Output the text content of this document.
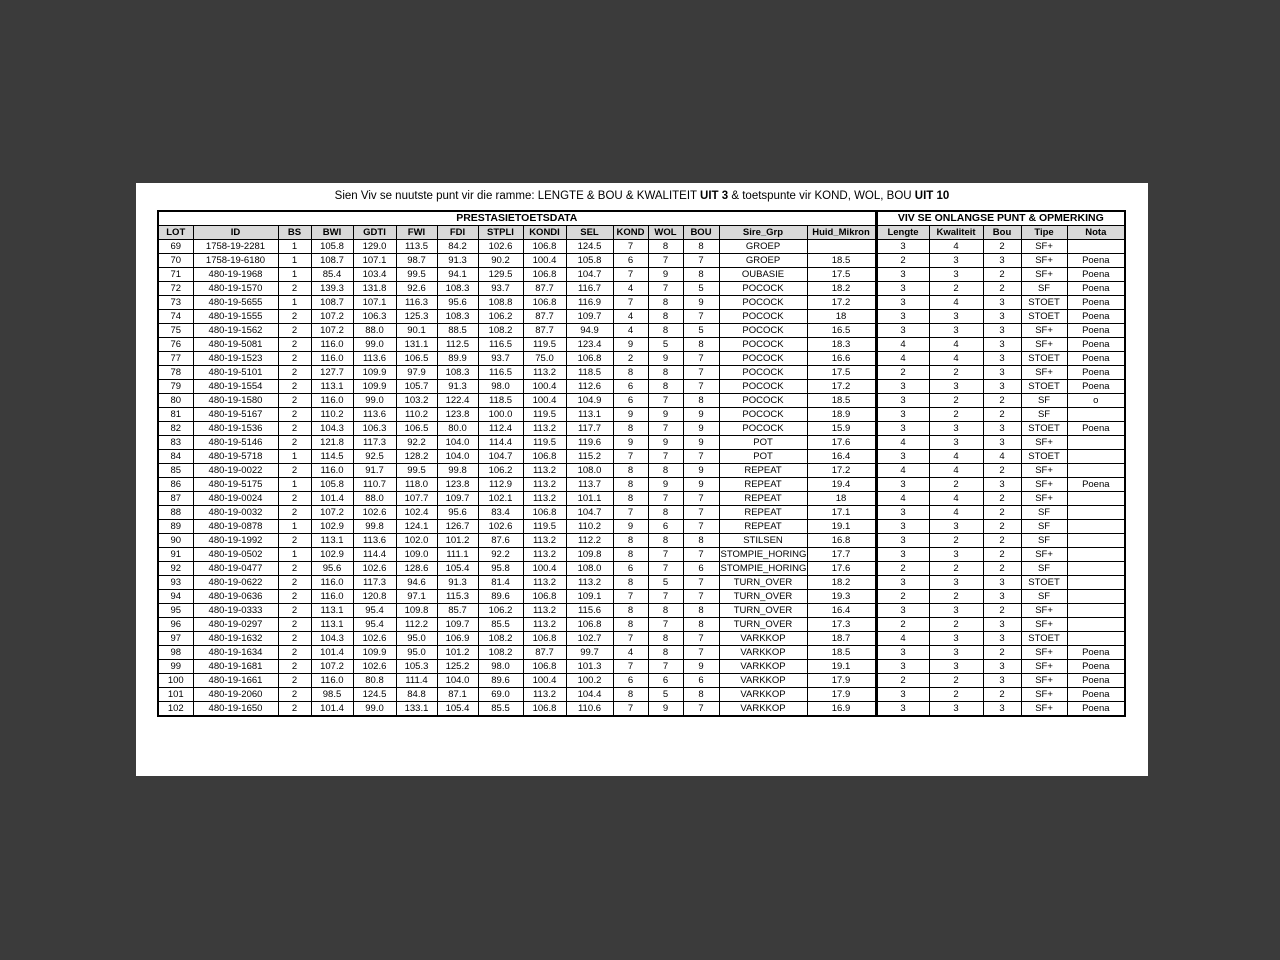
Sien Viv se nuutste punt vir die ramme: LENGTE & BOU & KWALITEIT UIT 3 & toetspunte vir KOND, WOL, BOU UIT 10
PRESTASIETOETSDATA															VIV SE ONLANGSE PUNT & OPMERKING				
LOT	ID	BS	BWI	GDTI	FWI	FDI	STPLI	KONDI	SEL	KOND	WOL	BOU	Sire_Grp	Huid_Mikron	Lengte	Kwaliteit	Bou	Tipe	Nota
69	1758-19-2281	1	105.8	129.0	113.5	84.2	102.6	106.8	124.5	7	8	8	GROEP		3	4	2	SF+	
70	1758-19-6180	1	108.7	107.1	98.7	91.3	90.2	100.4	105.8	6	7	7	GROEP	18.5	2	3	3	SF+	Poena
71	480-19-1968	1	85.4	103.4	99.5	94.1	129.5	106.8	104.7	7	9	8	OUBASIE	17.5	3	3	2	SF+	Poena
72	480-19-1570	2	139.3	131.8	92.6	108.3	93.7	87.7	116.7	4	7	5	POCOCK	18.2	3	2	2	SF	Poena
73	480-19-5655	1	108.7	107.1	116.3	95.6	108.8	106.8	116.9	7	8	9	POCOCK	17.2	3	4	3	STOET	Poena
74	480-19-1555	2	107.2	106.3	125.3	108.3	106.2	87.7	109.7	4	8	7	POCOCK	18	3	3	3	STOET	Poena
75	480-19-1562	2	107.2	88.0	90.1	88.5	108.2	87.7	94.9	4	8	5	POCOCK	16.5	3	3	3	SF+	Poena
76	480-19-5081	2	116.0	99.0	131.1	112.5	116.5	119.5	123.4	9	5	8	POCOCK	18.3	4	4	3	SF+	Poena
77	480-19-1523	2	116.0	113.6	106.5	89.9	93.7	75.0	106.8	2	9	7	POCOCK	16.6	4	4	3	STOET	Poena
78	480-19-5101	2	127.7	109.9	97.9	108.3	116.5	113.2	118.5	8	8	7	POCOCK	17.5	2	2	3	SF+	Poena
79	480-19-1554	2	113.1	109.9	105.7	91.3	98.0	100.4	112.6	6	8	7	POCOCK	17.2	3	3	3	STOET	Poena
80	480-19-1580	2	116.0	99.0	103.2	122.4	118.5	100.4	104.9	6	7	8	POCOCK	18.5	3	2	2	SF	o
81	480-19-5167	2	110.2	113.6	110.2	123.8	100.0	119.5	113.1	9	9	9	POCOCK	18.9	3	2	2	SF	
82	480-19-1536	2	104.3	106.3	106.5	80.0	112.4	113.2	117.7	8	7	9	POCOCK	15.9	3	3	3	STOET	Poena
83	480-19-5146	2	121.8	117.3	92.2	104.0	114.4	119.5	119.6	9	9	9	POT	17.6	4	3	3	SF+	
84	480-19-5718	1	114.5	92.5	128.2	104.0	104.7	106.8	115.2	7	7	7	POT	16.4	3	4	4	STOET	
85	480-19-0022	2	116.0	91.7	99.5	99.8	106.2	113.2	108.0	8	8	9	REPEAT	17.2	4	4	2	SF+	
86	480-19-5175	1	105.8	110.7	118.0	123.8	112.9	113.2	113.7	8	9	9	REPEAT	19.4	3	2	3	SF+	Poena
87	480-19-0024	2	101.4	88.0	107.7	109.7	102.1	113.2	101.1	8	7	7	REPEAT	18	4	4	2	SF+	
88	480-19-0032	2	107.2	102.6	102.4	95.6	83.4	106.8	104.7	7	8	7	REPEAT	17.1	3	4	2	SF	
89	480-19-0878	1	102.9	99.8	124.1	126.7	102.6	119.5	110.2	9	6	7	REPEAT	19.1	3	3	2	SF	
90	480-19-1992	2	113.1	113.6	102.0	101.2	87.6	113.2	112.2	8	8	8	STILSEN	16.8	3	2	2	SF	
91	480-19-0502	1	102.9	114.4	109.0	111.1	92.2	113.2	109.8	8	7	7	STOMPIE_HORING	17.7	3	3	2	SF+	
92	480-19-0477	2	95.6	102.6	128.6	105.4	95.8	100.4	108.0	6	7	6	STOMPIE_HORING	17.6	2	2	2	SF	
93	480-19-0622	2	116.0	117.3	94.6	91.3	81.4	113.2	113.2	8	5	7	TURN_OVER	18.2	3	3	3	STOET	
94	480-19-0636	2	116.0	120.8	97.1	115.3	89.6	106.8	109.1	7	7	7	TURN_OVER	19.3	2	2	3	SF	
95	480-19-0333	2	113.1	95.4	109.8	85.7	106.2	113.2	115.6	8	8	8	TURN_OVER	16.4	3	3	2	SF+	
96	480-19-0297	2	113.1	95.4	112.2	109.7	85.5	113.2	106.8	8	7	8	TURN_OVER	17.3	2	2	3	SF+	
97	480-19-1632	2	104.3	102.6	95.0	106.9	108.2	106.8	102.7	7	8	7	VARKKOP	18.7	4	3	3	STOET	
98	480-19-1634	2	101.4	109.9	95.0	101.2	108.2	87.7	99.7	4	8	7	VARKKOP	18.5	3	3	2	SF+	Poena
99	480-19-1681	2	107.2	102.6	105.3	125.2	98.0	106.8	101.3	7	7	9	VARKKOP	19.1	3	3	3	SF+	Poena
100	480-19-1661	2	116.0	80.8	111.4	104.0	89.6	100.4	100.2	6	6	6	VARKKOP	17.9	2	2	3	SF+	Poena
101	480-19-2060	2	98.5	124.5	84.8	87.1	69.0	113.2	104.4	8	5	8	VARKKOP	17.9	3	2	2	SF+	Poena
102	480-19-1650	2	101.4	99.0	133.1	105.4	85.5	106.8	110.6	7	9	7	VARKKOP	16.9	3	3	3	SF+	Poena
